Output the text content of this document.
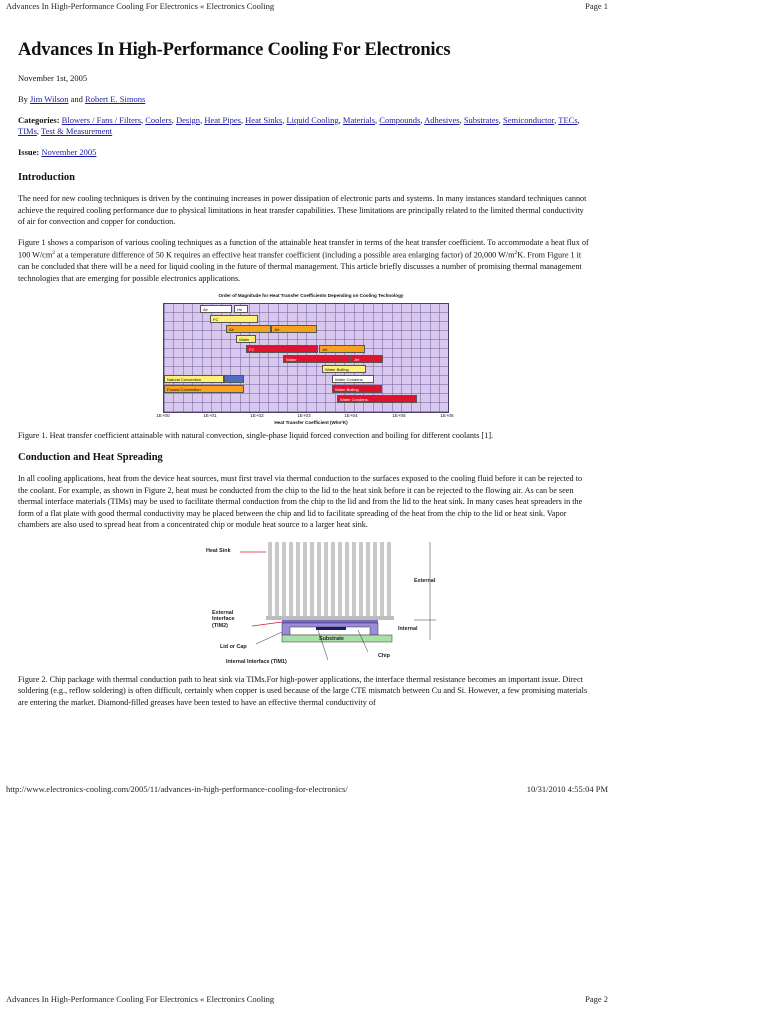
Advances In High-Performance Cooling For Electronics « Electronics Cooling	Page 1
Advances In High-Performance Cooling For Electronics
November 1st, 2005
By Jim Wilson and Robert E. Simons
Categories: Blowers / Fans / Filters, Coolers, Design, Heat Pipes, Heat Sinks, Liquid Cooling, Materials, Compounds, Adhesives, Substrates, Semiconductor, TECs, TIMs, Test & Measurement
Issue: November 2005
Introduction

The need for new cooling techniques is driven by the continuing increases in power dissipation of electronic parts and systems. In many instances standard techniques cannot achieve the required cooling performance due to physical limitations in heat transfer capabilities. These limitations are principally related to the limited thermal conductivity of air for convection and copper for conduction.

Figure 1 shows a comparison of various cooling techniques as a function of the attainable heat transfer in terms of the heat transfer coefficient. To accommodate a heat flux of 100 $W/cm^2$ at a temperature difference of 50 K requires an effective heat transfer coefficient (including a possible area enlarging factor) of 20,000 $W/m^2K$. From Figure 1 it can be concluded that there will be a need for liquid cooling in the future of thermal management. This article briefly discusses a number of promising thermal management technologies that are emerging for possible electronics applications.

Order of Magnitude for Heat Transfer Coefficients Depending on Cooling Technology
Air	He
FC
Air	Jet
Water
FC	Jet
Water	Jet
Water Boiling
Natural Convection	Water Condens.
Forced Convection	Water Boiling
Water Condens.
1E+00	1E+01	1E+02	1E+03	1E+04	1E+05	1E+06
Heat Transfer Coefficient (W/m²K)
Figure 1. Heat transfer coefficient attainable with natural convection, single-phase liquid forced convection and boiling for different coolants [1].
Conduction and Heat Spreading

In all cooling applications, heat from the device heat sources, must first travel via thermal conduction to the surfaces exposed to the cooling fluid before it can be rejected to the coolant. For example, as shown in Figure 2, heat must be conducted from the chip to the lid to the heat sink before it can be rejected to the flowing air. As can be seen thermal interface materials (TIMs) may be used to facilitate thermal conduction from the chip to the lid and from the lid to the heat sink. In many cases heat spreaders in the form of a flat plate with good thermal conductivity may be placed between the chip and lid to facilitate spreading of the heat from the chip to the lid or heat sink. Vapor chambers are also used to spread heat from a concentrated chip or module heat source to a larger heat sink.

Heat Sink
External
Internal
External
Interface
(TIM2)
Lid or Cap
Substrate
Chip
Internal Interface (TIM1)

Figure 2. Chip package with thermal conduction path to heat sink via TIMs.For high-power applications, the interface thermal resistance becomes an important issue. Direct soldering (e.g., reflow soldering) is often difficult, certainly when copper is used because of the large CTE mismatch between Cu and Si. However, a few promising materials are entering the market. Diamond-filled greases have been tested to have an effective thermal conductivity of

http://www.electronics-cooling.com/2005/11/advances-in-high-performance-cooling-for-electronics/	10/31/2010 4:55:04 PM
Advances In High-Performance Cooling For Electronics « Electronics Cooling	Page 2
